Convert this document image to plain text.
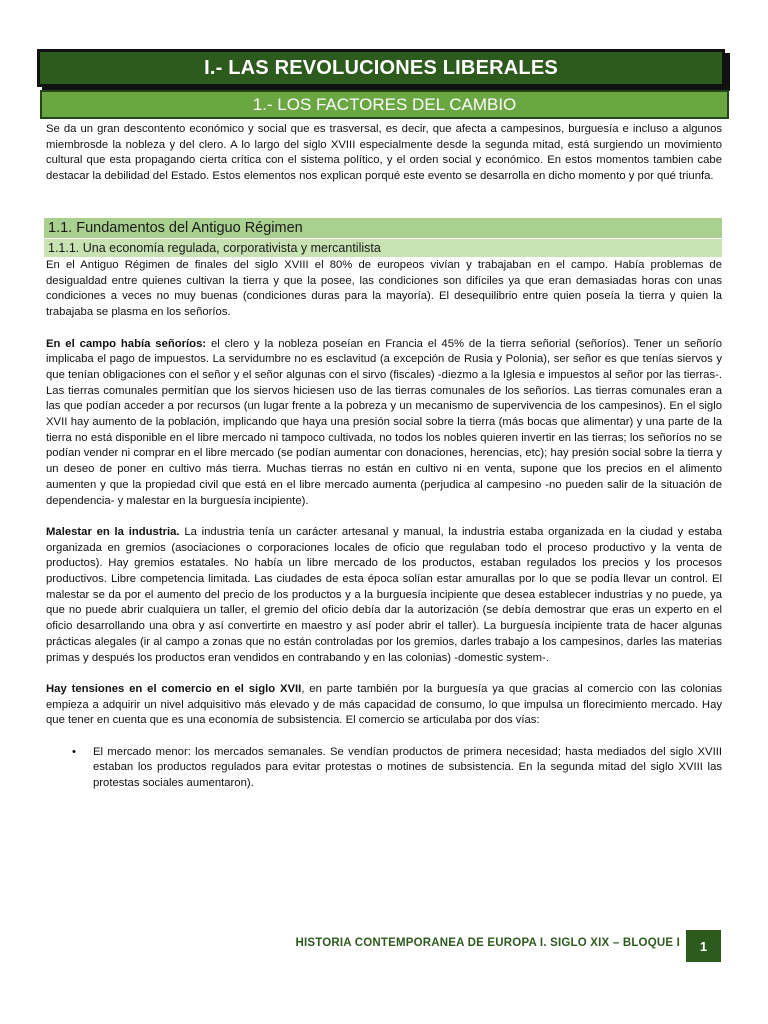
I.- LAS REVOLUCIONES LIBERALES
1.- LOS FACTORES DEL CAMBIO

Se da un gran descontento económico y social que es trasversal, es decir, que afecta a campesinos, burguesía e incluso a algunos miembrosde la nobleza y del clero. A lo largo del siglo XVIII especialmente desde la segunda mitad, está surgiendo un movimiento cultural que esta propagando cierta crítica con el sistema político, y el orden social y económico. En estos momentos tambien cabe destacar la debilidad del Estado. Estos elementos nos explican porqué este evento se desarrolla en dicho momento y por qué triunfa.

1.1. Fundamentos del Antiguo Régimen
1.1.1. Una economía regulada, corporativista y mercantilista

En el Antiguo Régimen de finales del siglo XVIII el 80% de europeos vivían y trabajaban en el campo. Había problemas de desigualdad entre quienes cultivan la tierra y que la posee, las condiciones son difíciles ya que eran demasiadas horas con unas condiciones a veces no muy buenas (condiciones duras para la mayoría). El desequilibrio entre quien poseía la tierra y quien la trabajaba se plasma en los señoríos.

En el campo había señoríos: el clero y la nobleza poseían en Francia el 45% de la tierra señorial (señoríos). Tener un señorío implicaba el pago de impuestos. La servidumbre no es esclavitud (a excepción de Rusia y Polonia), ser señor es que tenías siervos y que tenían obligaciones con el señor y el señor algunas con el sirvo (fiscales) -diezmo a la Iglesia e impuestos al señor por las tierras-. Las tierras comunales permitían que los siervos hiciesen uso de las tierras comunales de los señoríos. Las tierras comunales eran a las que podían acceder a por recursos (un lugar frente a la pobreza y un mecanismo de supervivencia de los campesinos). En el siglo XVII hay aumento de la población, implicando que haya una presión social sobre la tierra (más bocas que alimentar) y una parte de la tierra no está disponible en el libre mercado ni tampoco cultivada, no todos los nobles quieren invertir en las tierras; los señoríos no se podían vender ni comprar en el libre mercado (se podían aumentar con donaciones, herencias, etc); hay presión social sobre la tierra y un deseo de poner en cultivo más tierra. Muchas tierras no están en cultivo ni en venta, supone que los precios en el alimento aumenten y que la propiedad civil que está en el libre mercado aumenta (perjudica al campesino -no pueden salir de la situación de dependencia- y malestar en la burguesía incipiente).

Malestar en la industria. La industria tenía un carácter artesanal y manual, la industria estaba organizada en la ciudad y estaba organizada en gremios (asociaciones o corporaciones locales de oficio que regulaban todo el proceso productivo y la venta de productos). Hay gremios estatales. No había un libre mercado de los productos, estaban regulados los precios y los procesos productivos. Libre competencia limitada. Las ciudades de esta época solían estar amurallas por lo que se podía llevar un control. El malestar se da por el aumento del precio de los productos y a la burguesía incipiente que desea establecer industrias y no puede, ya que no puede abrir cualquiera un taller, el gremio del oficio debía dar la autorización (se debía demostrar que eras un experto en el oficio desarrollando una obra y así convertirte en maestro y así poder abrir el taller). La burguesía incipiente trata de hacer algunas prácticas alegales (ir al campo a zonas que no están controladas por los gremios, darles trabajo a los campesinos, darles las materias primas y después los productos eran vendidos en contrabando y en las colonias) -domestic system-.

Hay tensiones en el comercio en el siglo XVII, en parte también por la burguesía ya que gracias al comercio con las colonias empieza a adquirir un nivel adquisitivo más elevado y de más capacidad de consumo, lo que impulsa un florecimiento mercado. Hay que tener en cuenta que es una economía de subsistencia. El comercio se articulaba por dos vías:

• El mercado menor: los mercados semanales. Se vendían productos de primera necesidad; hasta mediados del siglo XVIII estaban los productos regulados para evitar protestas o motines de subsistencia. En la segunda mitad del siglo XVIII las protestas sociales aumentaron).

HISTORIA CONTEMPORANEA DE EUROPA I. SIGLO XIX – BLOQUE I 1
